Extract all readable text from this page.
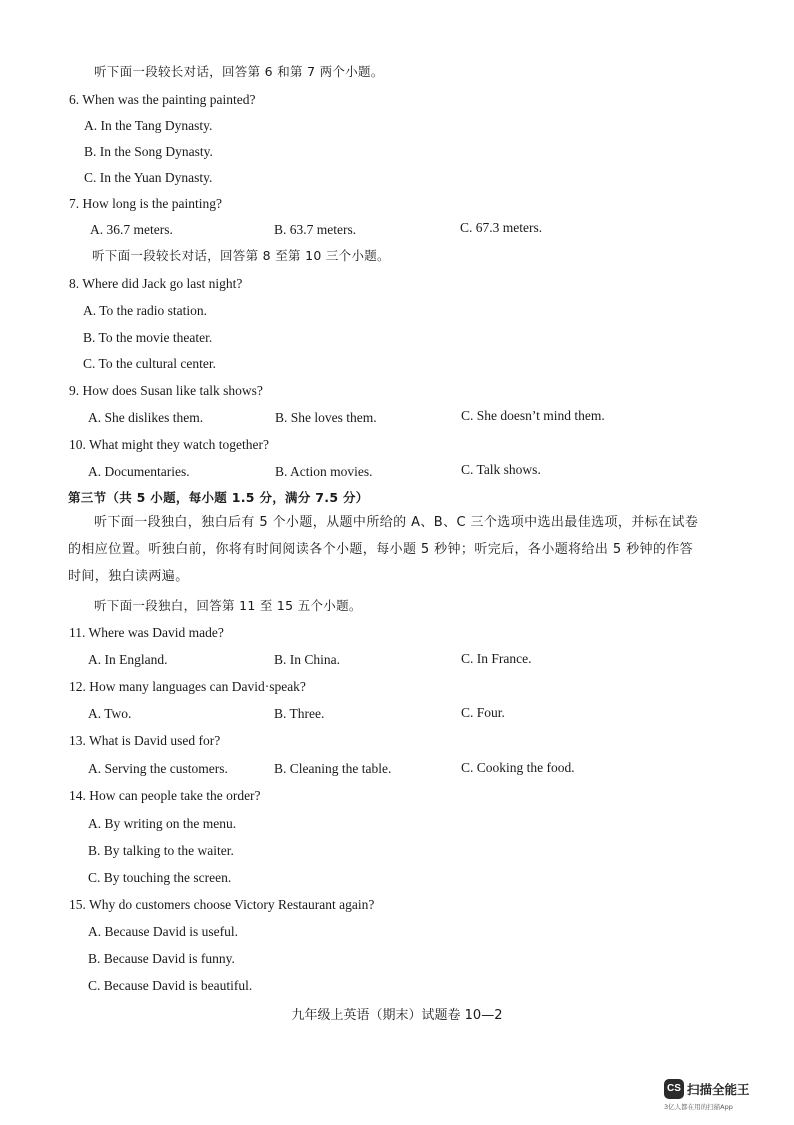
听下面一段较长对话，回答第 6 和第 7 两个小题。
6. When was the painting painted?
A. In the Tang Dynasty.
B. In the Song Dynasty.
C. In the Yuan Dynasty.
7. How long is the painting?
A. 36.7 meters.	B. 63.7 meters.	C. 67.3 meters.
听下面一段较长对话，回答第 8 至第 10 三个小题。
8. Where did Jack go last night?
A. To the radio station.
B. To the movie theater.
C. To the cultural center.
9. How does Susan like talk shows?
A. She dislikes them.	B. She loves them.	C. She doesn’t mind them.
10. What might they watch together?
A. Documentaries.	B. Action movies.	C. Talk shows.
第三节（共 5 小题，每小题 1.5 分，满分 7.5 分）
听下面一段独白，独白后有 5 个小题，从题中所给的 A、B、C 三个选项中选出最佳选项，并标在试卷的相应位置。听独白前，你将有时间阅读各个小题，每小题 5 秒钟；听完后，各小题将给出 5 秒钟的作答时间，独白读两遍。
听下面一段独白，回答第 11 至 15 五个小题。
11. Where was David made?
A. In England.	B. In China.	C. In France.
12. How many languages can David·speak?
A. Two.	B. Three.	C. Four.
13. What is David used for?
A. Serving the customers.	B. Cleaning the table.	C. Cooking the food.
14. How can people take the order?
A. By writing on the menu.
B. By talking to the waiter.
C. By touching the screen.
15. Why do customers choose Victory Restaurant again?
A. Because David is useful.
B. Because David is funny.
C. Because David is beautiful.
九年级上英语（期末）试题卷 10—2
CS 扫描全能王
3亿人都在用的扫描App
